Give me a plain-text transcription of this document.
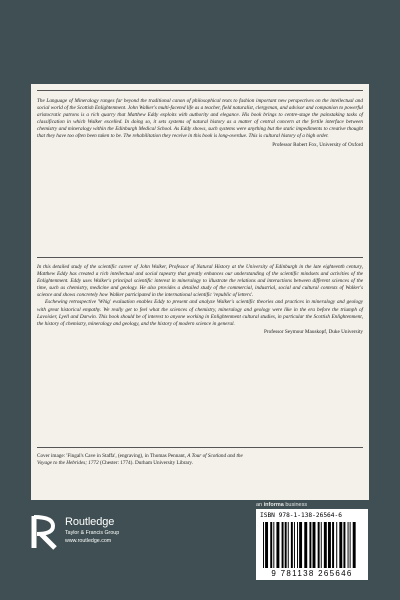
The Language of Mineralogy ranges far beyond the traditional canon of philosophical texts to fashion important new perspectives on the intellectual and social world of the Scottish Enlightenment. John Walker's multi-faceted life as a teacher, field naturalist, clergyman, and advisor and companion to powerful aristocratic patrons is a rich quarry that Matthew Eddy exploits with authority and elegance. His book brings to centre-stage the painstaking tasks of classification in which Walker excelled. In doing so, it sets systems of natural history as a matter of central concern at the fertile interface between chemistry and mineralogy within the Edinburgh Medical School. As Eddy shows, such systems were anything but the static impediments to creative thought that they have too often been taken to be. The rehabilitation they receive in this book is long-overdue. This is cultural history of a high order.

Professor Robert Fox, University of Oxford

In this detailed study of the scientific career of John Walker, Professor of Natural History at the University of Edinburgh in the late eighteenth century, Matthew Eddy has created a rich intellectual and social tapestry that greatly enhances our understanding of the scientific mindsets and activities of the Enlightenment. Eddy uses Walker's principal scientific interest in mineralogy to illustrate the relations and interactions between different sciences of the time, such as chemistry, medicine and geology. He also provides a detailed study of the commercial, industrial, social and cultural contexts of Walker's science and shows concretely how Walker participated in the international scientific 'republic of letters'.

Eschewing retrospective 'Whig' evaluation enables Eddy to present and analyze Walker's scientific theories and practices in mineralogy and geology with great historical empathy. We really get to feel what the sciences of chemistry, mineralogy and geology were like in the era before the triumph of Lavoisier, Lyell and Darwin. This book should be of interest to anyone working in Enlightenment cultural studies, in particular the Scottish Enlightenment, the history of chemistry, mineralogy and geology, and the history of modern science in general.

Professor Seymour Mauskopf, Duke University
Cover image: 'Fingal's Cave in Staffa', (engraving), in Thomas Pennant, A Tour of Scotland and the
Voyage to the Hebrides; 1772 (Chester: 1774). Durham University Library.
an informa business
Routledge
Taylor & Francis Group
www.routledge.com
ISBN 978-1-138-26564-6
9 781138 265646
